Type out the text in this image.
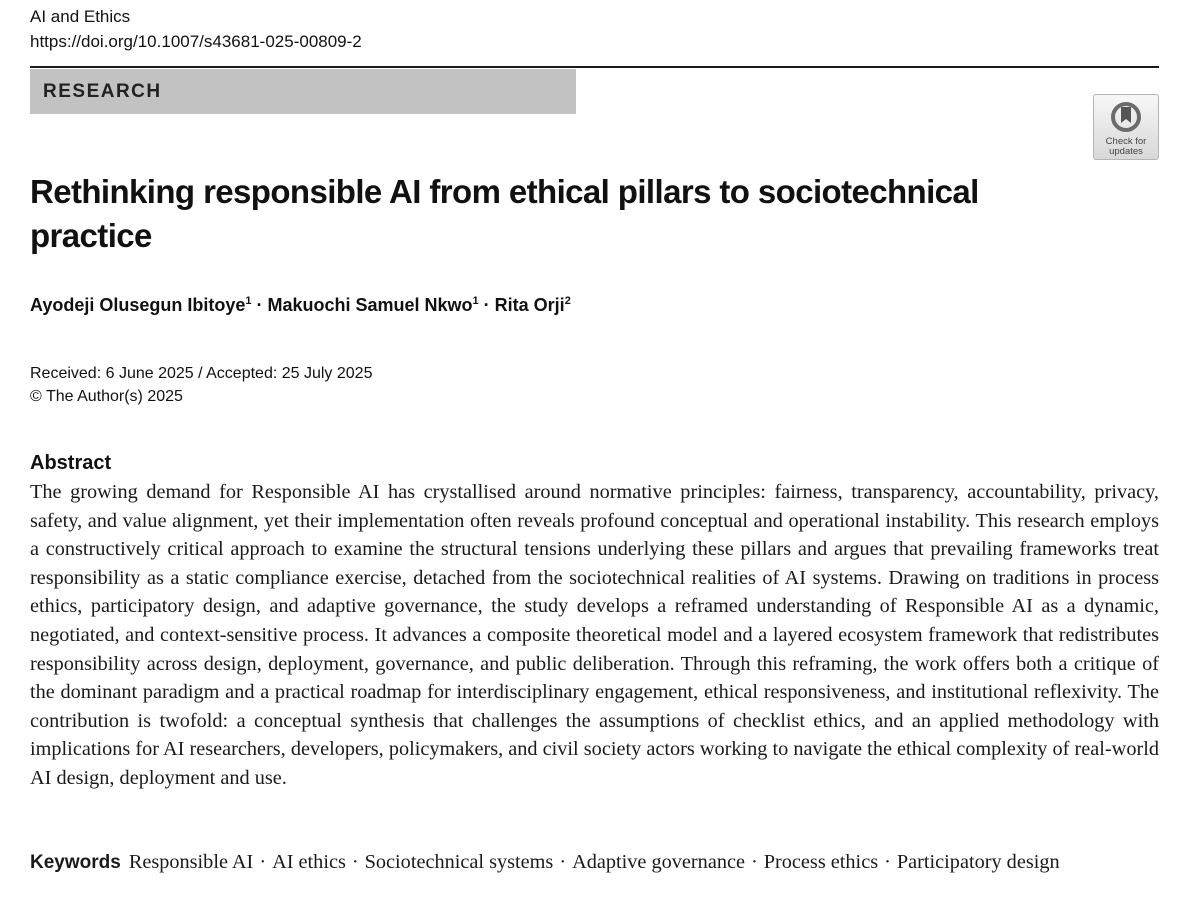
AI and Ethics
https://doi.org/10.1007/s43681-025-00809-2
RESEARCH
Check for
updates
Rethinking responsible AI from ethical pillars to sociotechnical practice
Ayodeji Olusegun Ibitoye$^1$ · Makuochi Samuel Nkwo$^1$ · Rita Orji$^2$
Received: 6 June 2025 / Accepted: 25 July 2025
© The Author(s) 2025
Abstract

The growing demand for Responsible AI has crystallised around normative principles: fairness, transparency, accountability, privacy, safety, and value alignment, yet their implementation often reveals profound conceptual and operational instability. This research employs a constructively critical approach to examine the structural tensions underlying these pillars and argues that prevailing frameworks treat responsibility as a static compliance exercise, detached from the sociotechnical realities of AI systems. Drawing on traditions in process ethics, participatory design, and adaptive governance, the study develops a reframed understanding of Responsible AI as a dynamic, negotiated, and context-sensitive process. It advances a composite theoretical model and a layered ecosystem framework that redistributes responsibility across design, deployment, governance, and public deliberation. Through this reframing, the work offers both a critique of the dominant paradigm and a practical roadmap for interdisciplinary engagement, ethical responsiveness, and institutional reflexivity. The contribution is twofold: a conceptual synthesis that challenges the assumptions of checklist ethics, and an applied methodology with implications for AI researchers, developers, policymakers, and civil society actors working to navigate the ethical complexity of real-world AI design, deployment and use.

Keywords Responsible AI · AI ethics · Sociotechnical systems · Adaptive governance · Process ethics · Participatory design
